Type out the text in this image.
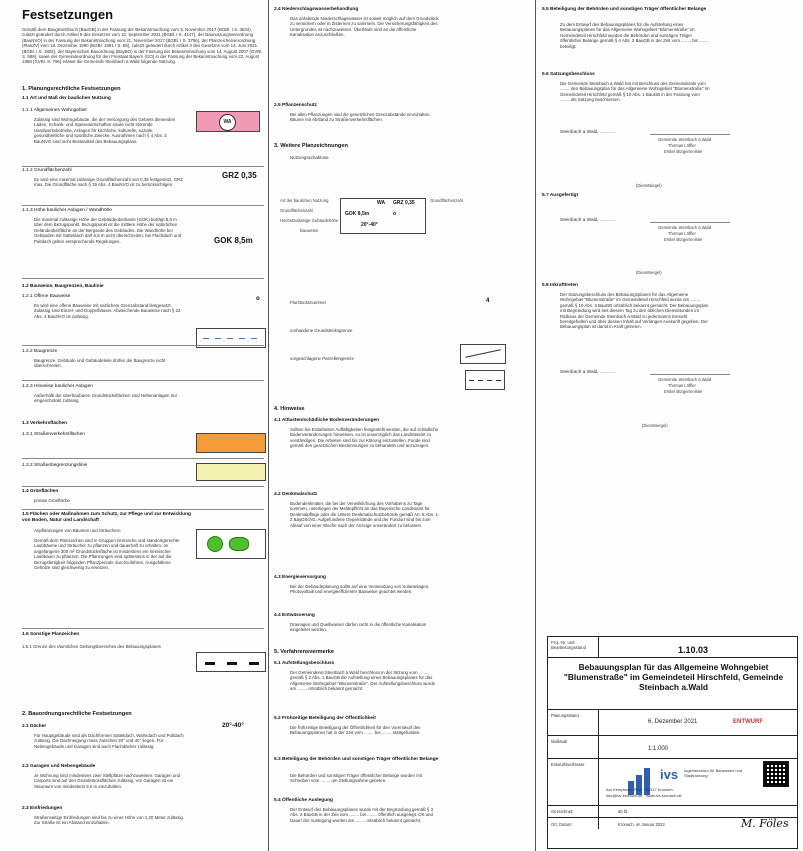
Festsetzungen
Gemäß dem Baugesetzbuch (BauGB) in der Fassung der Bekanntmachung vom 3. November 2017 (BGBl. I S. 3634), zuletzt geändert durch Artikel 9 des Gesetzes vom 10. September 2021 (BGBl. I S. 4147), der Baunutzungsverordnung (BauNVO) in der Fassung der Bekanntmachung vom 21. November 2017 (BGBl. I S. 3786), der Planzeichenverordnung (PlanZV) vom 18. Dezember 1990 (BGBl. 1991 I S. 58), zuletzt geändert durch Artikel 3 des Gesetzes vom 14. Juni 2021 (BGBl. I S. 1802), der Bayerischen Bauordnung (BayBO) in der Fassung der Bekanntmachung vom 14. August 2007 (GVBl. S. 588), sowie der Gemeindeordnung für den Freistaat Bayern (GO) in der Fassung der Bekanntmachung vom 22. August 1998 (GVBl. S. 796) erlässt die Gemeinde Steinbach a.Wald folgende Satzung.
1. Planungsrechtliche Festsetzungen
1.1 Art und Maß der baulichen Nutzung
1.1.1 Allgemeines Wohngebiet
Zulässig sind Wohngebäude, die der Versorgung des Gebiets dienenden Läden, Schank- und Speisewirtschaften sowie nicht störende Handwerksbetriebe, Anlagen für kirchliche, kulturelle, soziale, gesundheitliche und sportliche Zwecke. Ausnahmen nach § 4 Abs. 3 BauNVO sind nicht Bestandteil des Bebauungsplans.
WA
1.1.2 Grundflächenzahl
Es wird eine maximal zulässige Grundflächenzahl von 0,35 festgesetzt. GRZ max. Die Grundfläche nach § 19 Abs. 4 BauNVO ist zu berücksichtigen.
GRZ 0,35
1.1.3 Höhe baulicher Anlagen / Wandhöhe
Die maximal zulässige Höhe der Gebäudeoberkante (GOK) beträgt 8,5 m über dem Bezugspunkt. Bezugspunkt ist die mittlere Höhe der natürlichen Geländeoberfläche an der Bergseite des Gebäudes. Die Wandhöhe bei Gebäuden mit Satteldach darf 6,5 m nicht überschreiten; bei Flachdach und Pultdach gelten entsprechende Regelungen.	GOK 8,5m
1.2 Bauweise, Baugrenzen, Baulinie
1.2.1 Offene Bauweise
Es wird eine offene Bauweise mit seitlichem Grenzabstand festgesetzt. Zulässig sind Einzel- und Doppelhäuser. Abweichende Bauweise nach § 22 Abs. 4 BauNVO ist zulässig.
o
1.2.2 Baugrenze
Baugrenze. Gebäude und Gebäudeteile dürfen die Baugrenze nicht überschreiten.
1.2.3 Hinweise baulicher Anlagen
Außerhalb der überbaubaren Grundstücksflächen sind Nebenanlagen nur eingeschränkt zulässig.
1.3 Verkehrsflächen
1.3.1 Straßenverkehrsflächen
1.3.2 Straßenbegrenzungslinie
1.4 Grünflächen
private Grünfläche
1.5 Flächen oder Maßnahmen zum Schutz, zur Pflege und zur Entwicklung von Boden, Natur und Landschaft
Anpflanzungen von Bäumen und Sträuchern
Gemäß dem Planzeichen sind in Gruppen heimische und standortgerechte Laubbäume und Sträucher zu pflanzen und dauerhaft zu erhalten. Je angefangene 300 m² Grundstücksfläche ist mindestens ein heimischer Laubbaum zu pflanzen. Die Pflanzungen sind spätestens in der auf die Bezugsfertigkeit folgenden Pflanzperiode durchzuführen. Ausgefallene Gehölze sind gleichwertig zu ersetzen.
1.6 Sonstige Planzeichen
1.6.1 Grenze des räumlichen Geltungsbereiches des Bebauungsplanes
2. Bauordnungsrechtliche Festsetzungen
2.1 Dächer
Für Hauptgebäude sind als Dachformen Satteldach, Walmdach und Pultdach zulässig. Die Dachneigung muss zwischen 20° und 40° liegen. Für Nebengebäude und Garagen sind auch Flachdächer zulässig.
20°-40°
2.2 Garagen und Nebengebäude
Je Wohnung sind mindestens zwei Stellplätze nachzuweisen. Garagen und Carports sind auf den Grundstücksflächen zulässig. Vor Garagen ist ein Stauraum von mindestens 5,0 m einzuhalten.
2.3 Einfriedungen
Straßenseitige Einfriedungen sind bis zu einer Höhe von 1,20 Meter zulässig. Zur Straße ist ein Abstand einzuhalten.
2.4 Niederschlagswasserbehandlung
Das anfallende Niederschlagswasser ist soweit möglich auf dem Grundstück zu versickern oder in Zisternen zu sammeln. Die Versickerungsfähigkeit des Untergrundes ist nachzuweisen. Überläufe sind an die öffentliche Kanalisation anzuschließen.
2.5 Pflanzenschutz
Bei allen Pflanzungen sind die gesetzlichen Grenzabstände einzuhalten. Bäume mit Abstand zu Straßenverkehrsflächen.
3. Weitere Planzeichnungen
Nutzungsschablone
Art der baulichen Nutzung
Grundflächenzahl
Höchstzulässige Gebäudehöhe
Bauweise
Grundflächenzahl
WA GRZ 0,35
GOK 8,5m	o
20°-40°
Flurstücksnummer	4
vorhandene Grundstücksgrenze
vorgeschlagene Parzellengrenze
4. Hinweise
4.1 Altlasten/schädliche Bodenveränderungen
Sollten bei Erdarbeiten Auffälligkeiten festgestellt werden, die auf schädliche Bodenveränderungen hinweisen, so ist unverzüglich das Landratsamt zu verständigen. Die Arbeiten sind bis zur Klärung einzustellen. Funde sind gemäß den gesetzlichen Bestimmungen zu behandeln und anzuzeigen.
4.2 Denkmalschutz
Bodendenkmäler, die bei der Verwirklichung des Vorhabens zu Tage kommen, unterliegen der Meldepflicht an das Bayerische Landesamt für Denkmalpflege oder die Untere Denkmalschutzbehörde gemäß Art. 8 Abs. 1-2 BayDSchG. Aufgefundene Gegenstände und der Fundort sind bis zum Ablauf von einer Woche nach der Anzeige unverändert zu belassen.
4.3 Energieversorgung
Bei der Gebäudeplanung sollte auf eine Verwendung von Solaranlagen, Photovoltaik und energieeffizienter Bauweise geachtet werden.
4.4 Entwässerung
Drainagen und Quellwasser dürfen nicht in die öffentliche Kanalisation eingeleitet werden.
5. Verfahrensvermerke
5.1 Aufstellungsbeschluss
Der Gemeinderat Steinbach a.Wald beschloss in der Sitzung vom ........ gemäß § 2 Abs. 1 BauGB die Aufstellung eines Bebauungsplanes für das Allgemeine Wohngebiet "Blumenstraße". Der Aufstellungsbeschluss wurde am ........ ortsüblich bekannt gemacht.
5.2 Frühzeitige Beteiligung der Öffentlichkeit
Die frühzeitige Beteiligung der Öffentlichkeit für den Vorentwurf des Bebauungsplanes hat in der Zeit vom ........ bis ........ stattgefunden.
5.3 Beteiligung der Behörden und sonstigen Träger öffentlicher Belange
Die Behörden und sonstigen Träger öffentlicher Belange wurden mit Schreiben vom ........ um Stellungnahme gebeten.
5.4 Öffentliche Auslegung
Der Entwurf des Bebauungsplanes wurde mit der Begründung gemäß § 3 Abs. 2 BauGB in der Zeit vom ........ bis ........ öffentlich ausgelegt. Ort und Dauer der Auslegung wurden am ........ ortsüblich bekannt gemacht.
5.5 Beteiligung der Behörden und sonstigen Träger öffentlicher Belange
Zu dem Entwurf des Bebauungsplanes für die Aufstellung eines Bebauungsplanes für das Allgemeine Wohngebiet "Blumenstraße" im Gemeindeteil Hirschfeld wurden die Behörden und sonstigen Träger öffentlicher Belange gemäß § 4 Abs. 2 BauGB in der Zeit vom ........ bis ........ beteiligt.
5.6 Satzungsbeschluss
Die Gemeinde Steinbach a.Wald hat mit Beschluss des Gemeinderats vom ........ den Bebauungsplan für das Allgemeine Wohngebiet "Blumenstraße" im Gemeindeteil Hirschfeld gemäß § 10 Abs. 1 BauGB in der Fassung vom ........ als Satzung beschlossen.
Steinbach a.Wald, ...........
Gemeinde Steinbach a.Wald
Thomas Löffler
Erster Bürgermeister
(Dienstsiegel)
5.7 Ausgefertigt
Steinbach a.Wald, ...........
Gemeinde Steinbach a.Wald
Thomas Löffler
Erster Bürgermeister
(Dienstsiegel)
5.8 Inkrafttreten
Der Satzungsbeschluss des Bebauungsplanes für das Allgemeine Wohngebiet "Blumenstraße" im Gemeindeteil Hirschfeld wurde am ........ gemäß § 10 Abs. 3 BauGB ortsüblich bekannt gemacht. Der Bebauungsplan mit Begründung wird seit diesem Tag zu den üblichen Dienststunden im Rathaus der Gemeinde Steinbach a.Wald zu jedermanns Einsicht bereitgehalten und über dessen Inhalt auf Verlangen Auskunft gegeben. Der Bebauungsplan ist damit in Kraft getreten.
Steinbach a.Wald, ...........
Gemeinde Steinbach a.Wald
Thomas Löffler
Erster Bürgermeister
(Dienstsiegel)
Proj.-Nr. und Bearbeitungsstand	1.10.03
Bebauungsplan für das Allgemeine Wohngebiet "Blumenstraße" im Gemeindeteil Hirschfeld, Gemeinde Steinbach a.Wald
Planungsstand
6. Dezember 2021	ENTWURF
Maßstab
1:1.000
Entwurfsverfasser
Am Kemptener Pfad · 96317 Kronach
info@ivs-kronach.de · www.ivs-kronach.de
ivs Ingenieurbüro für Bauwesen und Stadtplanung
Gezeichnet:	ab fd
Ort, Datum:	Kronach, im Januar 2022	M. Föles
